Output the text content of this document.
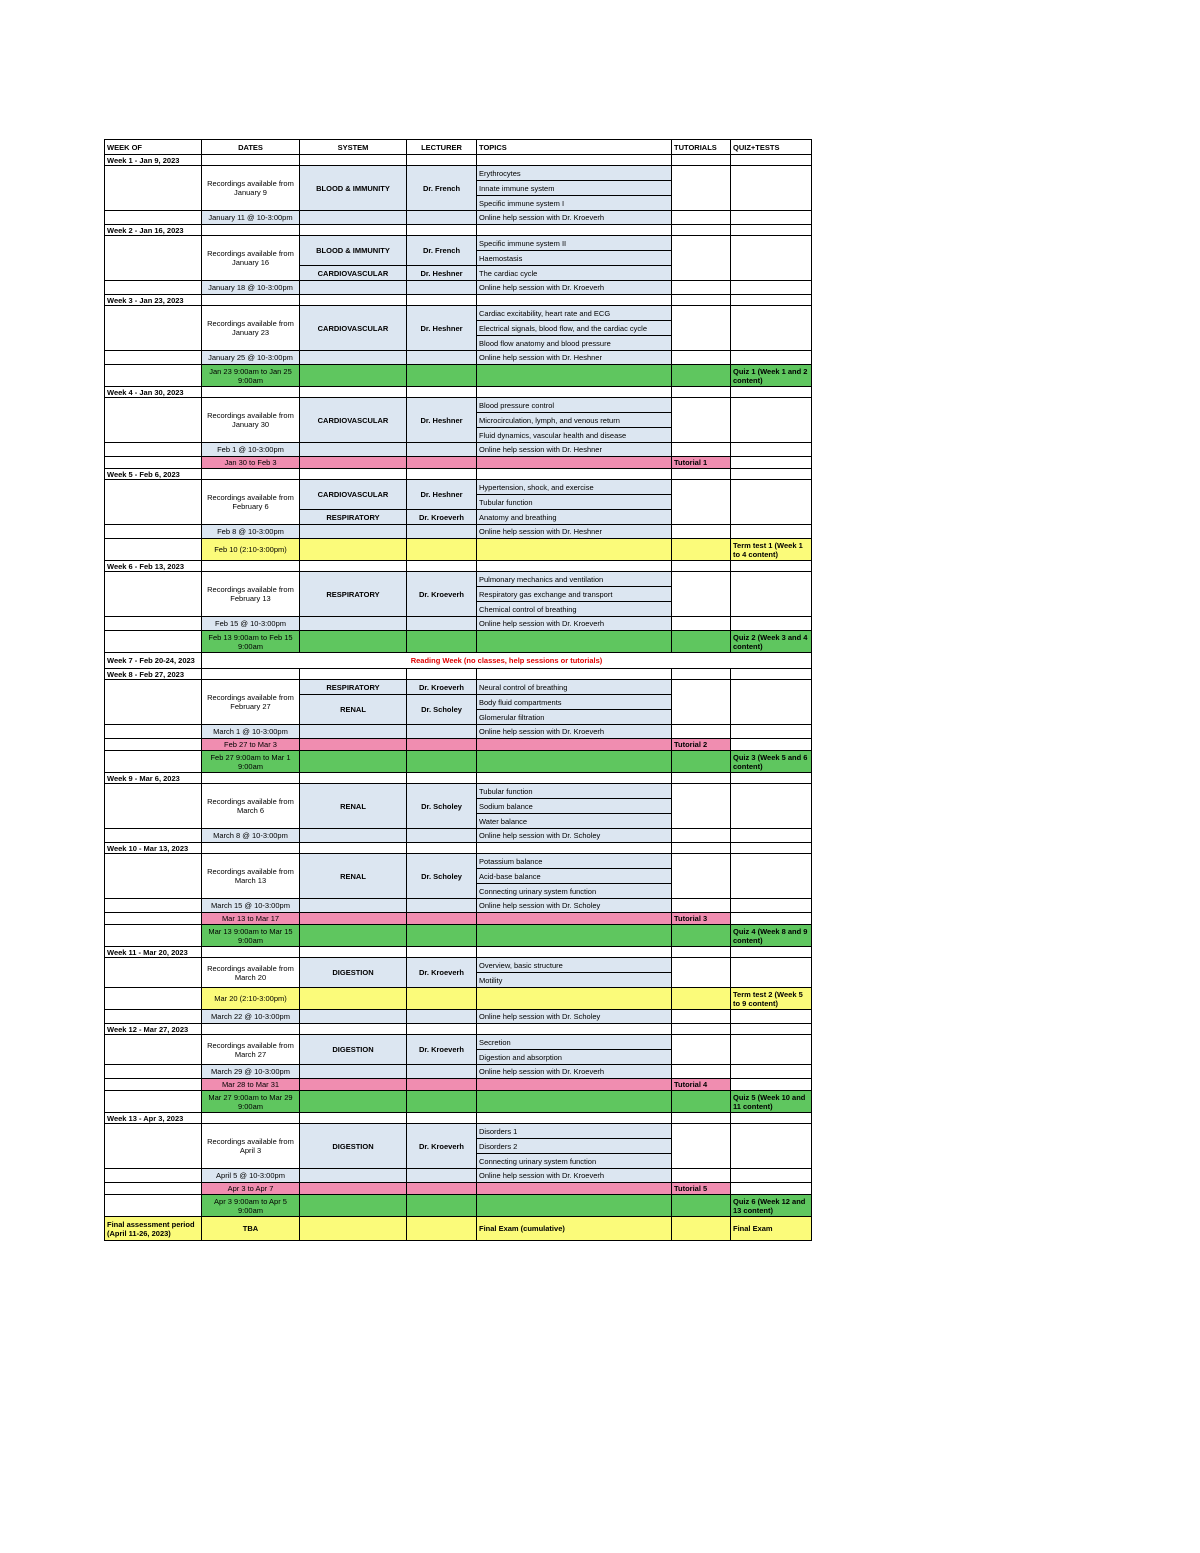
WEEK OF	DATES	SYSTEM	LECTURER	TOPICS	TUTORIALS	QUIZ+TESTS
Week 1 - Jan 9, 2023						
	Recordings available from January 9	BLOOD & IMMUNITY	Dr. French	Erythrocytes		
				Innate immune system		
				Specific immune system I		
	January 11 @ 10-3:00pm			Online help session with Dr. Kroeverh		
Week 2 - Jan 16, 2023						
	Recordings available from January 16	BLOOD & IMMUNITY	Dr. French	Specific immune system II		
				Haemostasis		
		CARDIOVASCULAR	Dr. Heshner	The cardiac cycle		
	January 18 @ 10-3:00pm			Online help session with Dr. Kroeverh		
Week 3 - Jan 23, 2023						
	Recordings available from January 23	CARDIOVASCULAR	Dr. Heshner	Cardiac excitability, heart rate and ECG		
				Electrical signals, blood flow, and the cardiac cycle		
				Blood flow anatomy and blood pressure		
	January 25 @ 10-3:00pm			Online help session with Dr. Heshner		
	Jan 23 9:00am to Jan 25 9:00am					Quiz 1 (Week 1 and 2 content)
Week 4 - Jan 30, 2023						
	Recordings available from January 30	CARDIOVASCULAR	Dr. Heshner	Blood pressure control		
				Microcirculation, lymph, and venous return		
				Fluid dynamics, vascular health and disease		
	Feb 1 @ 10-3:00pm			Online help session with Dr. Heshner		
	Jan 30 to Feb 3				Tutorial 1	
Week 5 - Feb 6, 2023						
	Recordings available from February 6	CARDIOVASCULAR	Dr. Heshner	Hypertension, shock, and exercise		
				Tubular function		
		RESPIRATORY	Dr. Kroeverh	Anatomy and breathing		
	Feb 8 @ 10-3:00pm			Online help session with Dr. Heshner		
	Feb 10 (2:10-3:00pm)					Term test 1 (Week 1 to 4 content)
Week 6 - Feb 13, 2023						
	Recordings available from February 13	RESPIRATORY	Dr. Kroeverh	Pulmonary mechanics and ventilation		
				Respiratory gas exchange and transport		
				Chemical control of breathing		
	Feb 15 @ 10-3:00pm			Online help session with Dr. Kroeverh		
	Feb 13 9:00am to Feb 15 9:00am					Quiz 2 (Week 3 and 4 content)
Week 7 - Feb 20-24, 2023	Reading Week (no classes, help sessions or tutorials)					
Week 8 - Feb 27, 2023						
	Recordings available from February 27	RESPIRATORY	Dr. Kroeverh	Neural control of breathing		
		RENAL	Dr. Scholey	Body fluid compartments		
				Glomerular filtration		
	March 1 @ 10-3:00pm			Online help session with Dr. Kroeverh		
	Feb 27 to Mar 3				Tutorial 2	
	Feb 27 9:00am to Mar 1 9:00am					Quiz 3 (Week 5 and 6 content)
Week 9 - Mar 6, 2023						
	Recordings available from March 6	RENAL	Dr. Scholey	Tubular function		
				Sodium balance		
				Water balance		
	March 8 @ 10-3:00pm			Online help session with Dr. Scholey		
Week 10 - Mar 13, 2023						
	Recordings available from March 13	RENAL	Dr. Scholey	Potassium balance		
				Acid-base balance		
				Connecting urinary system function		
	March 15 @ 10-3:00pm			Online help session with Dr. Scholey		
	Mar 13 to Mar 17				Tutorial 3	
	Mar 13 9:00am to Mar 15 9:00am					Quiz 4 (Week 8 and 9 content)
Week 11 - Mar 20, 2023						
	Recordings available from March 20	DIGESTION	Dr. Kroeverh	Overview, basic structure		
				Motility		
	Mar 20 (2:10-3:00pm)					Term test 2 (Week 5 to 9 content)
	March 22 @ 10-3:00pm			Online help session with Dr. Scholey		
Week 12 - Mar 27, 2023						
	Recordings available from March 27	DIGESTION	Dr. Kroeverh	Secretion		
				Digestion and absorption		
	March 29 @ 10-3:00pm			Online help session with Dr. Kroeverh		
	Mar 28 to Mar 31				Tutorial 4	
	Mar 27 9:00am to Mar 29 9:00am					Quiz 5 (Week 10 and 11 content)
Week 13 - Apr 3, 2023						
	Recordings available from April 3	DIGESTION	Dr. Kroeverh	Disorders 1		
				Disorders 2		
				Connecting urinary system function		
	April 5 @ 10-3:00pm			Online help session with Dr. Kroeverh		
	Apr 3 to Apr 7				Tutorial 5	
	Apr 3 9:00am to Apr 5 9:00am					Quiz 6 (Week 12 and 13 content)
Final assessment period (April 11-26, 2023)	TBA			Final Exam (cumulative)		Final Exam
